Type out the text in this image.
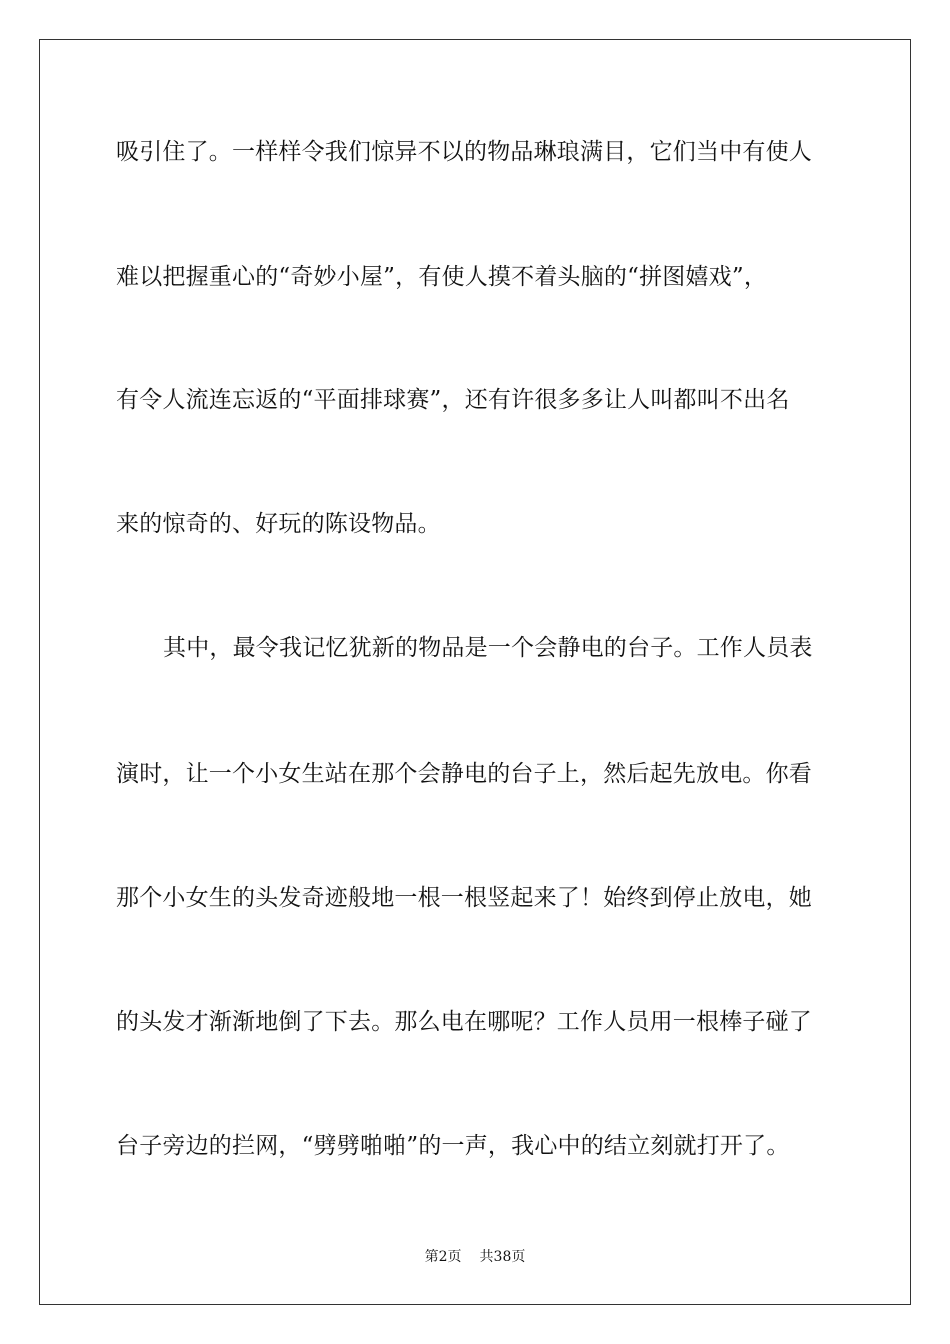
吸引住了。一样样令我们惊异不以的物品琳琅满目，它们当中有使人
难以把握重心的“奇妙小屋”，有使人摸不着头脑的“拼图嬉戏”，
有令人流连忘返的“平面排球赛”，还有许很多多让人叫都叫不出名
来的惊奇的、好玩的陈设物品。
其中，最令我记忆犹新的物品是一个会静电的台子。工作人员表
演时，让一个小女生站在那个会静电的台子上，然后起先放电。你看
那个小女生的头发奇迹般地一根一根竖起来了！始终到停止放电，她
的头发才渐渐地倒了下去。那么电在哪呢？工作人员用一根棒子碰了
台子旁边的拦网，“劈劈啪啪”的一声，我心中的结立刻就打开了。
第2页 共38页
